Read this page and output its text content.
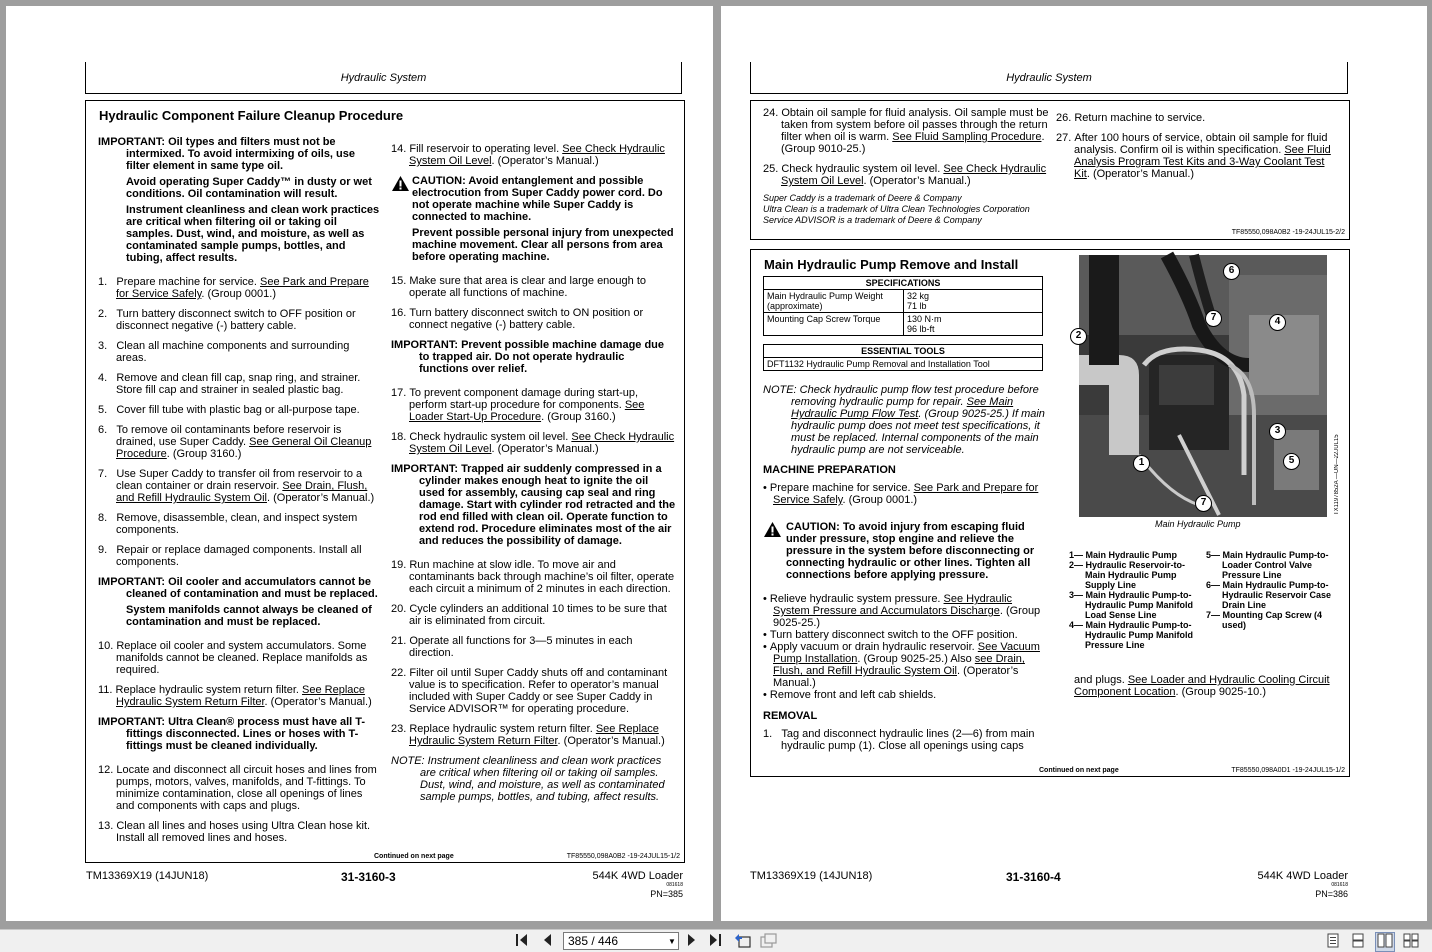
Hydraulic System
Hydraulic Component Failure Cleanup Procedure
IMPORTANT: Oil types and filters must not be intermixed. To avoid intermixing of oils, use filter element in same type oil.
Avoid operating Super Caddy™ in dusty or wet conditions. Oil contamination will result.
Instrument cleanliness and clean work practices are critical when filtering oil or taking oil samples. Dust, wind, and moisture, as well as contaminated sample pumps, bottles, and tubing, affect results.
1. Prepare machine for service. See Park and Prepare for Service Safely. (Group 0001.)
2. Turn battery disconnect switch to OFF position or disconnect negative (-) battery cable.
3. Clean all machine components and surrounding areas.
4. Remove and clean fill cap, snap ring, and strainer. Store fill cap and strainer in sealed plastic bag.
5. Cover fill tube with plastic bag or all-purpose tape.
6. To remove oil contaminants before reservoir is drained, use Super Caddy. See General Oil Cleanup Procedure. (Group 3160.)
7. Use Super Caddy to transfer oil from reservoir to a clean container or drain reservoir. See Drain, Flush, and Refill Hydraulic System Oil. (Operator’s Manual.)
8. Remove, disassemble, clean, and inspect system components.
9. Repair or replace damaged components. Install all components.
IMPORTANT: Oil cooler and accumulators cannot be cleaned of contamination and must be replaced.
System manifolds cannot always be cleaned of contamination and must be replaced.
10. Replace oil cooler and system accumulators. Some manifolds cannot be cleaned. Replace manifolds as required.
11. Replace hydraulic system return filter. See Replace Hydraulic System Return Filter. (Operator’s Manual.)
IMPORTANT: Ultra Clean® process must have all T-fittings disconnected. Lines or hoses with T-fittings must be cleaned individually.
12. Locate and disconnect all circuit hoses and lines from pumps, motors, valves, manifolds, and T-fittings. To minimize contamination, close all openings of lines and components with caps and plugs.
13. Clean all lines and hoses using Ultra Clean hose kit. Install all removed lines and hoses.
14. Fill reservoir to operating level. See Check Hydraulic System Oil Level. (Operator’s Manual.)
CAUTION: Avoid entanglement and possible electrocution from Super Caddy power cord. Do not operate machine while Super Caddy is connected to machine.
Prevent possible personal injury from unexpected machine movement. Clear all persons from area before operating machine.
15. Make sure that area is clear and large enough to operate all functions of machine.
16. Turn battery disconnect switch to ON position or connect negative (-) battery cable.
IMPORTANT: Prevent possible machine damage due to trapped air. Do not operate hydraulic functions over relief.
17. To prevent component damage during start-up, perform start-up procedure for components. See Loader Start-Up Procedure. (Group 3160.)
18. Check hydraulic system oil level. See Check Hydraulic System Oil Level. (Operator’s Manual.)
IMPORTANT: Trapped air suddenly compressed in a cylinder makes enough heat to ignite the oil used for assembly, causing cap seal and ring damage. Start with cylinder rod retracted and the rod end filled with clean oil. Operate function to extend rod. Procedure eliminates most of the air and reduces the possibility of damage.
19. Run machine at slow idle. To move air and contaminants back through machine’s oil filter, operate each circuit a minimum of 2 minutes in each direction.
20. Cycle cylinders an additional 10 times to be sure that air is eliminated from circuit.
21. Operate all functions for 3—5 minutes in each direction.
22. Filter oil until Super Caddy shuts off and contaminant value is to specification. Refer to operator’s manual included with Super Caddy or see Super Caddy in Service ADVISOR™ for operating procedure.
23. Replace hydraulic system return filter. See Replace Hydraulic System Return Filter. (Operator’s Manual.)
NOTE: Instrument cleanliness and clean work practices are critical when filtering oil or taking oil samples. Dust, wind, and moisture, as well as contaminated sample pumps, bottles, and tubing, affect results.
Continued on next page	TF85550,098A0B2 -19-24JUL15-1/2
TM13369X19 (14JUN18)	31-3160-3	544K 4WD Loader
081618
PN=385
Hydraulic System
24. Obtain oil sample for fluid analysis. Oil sample must be taken from system before oil passes through the return filter when oil is warm. See Fluid Sampling Procedure. (Group 9010-25.)
25. Check hydraulic system oil level. See Check Hydraulic System Oil Level. (Operator’s Manual.)
Super Caddy is a trademark of Deere & Company
Ultra Clean is a trademark of Ultra Clean Technologies Corporation
Service ADVISOR is a trademark of Deere & Company
26. Return machine to service.
27. After 100 hours of service, obtain oil sample for fluid analysis. Confirm oil is within specification. See Fluid Analysis Program Test Kits and 3-Way Coolant Test Kit. (Operator’s Manual.)
TF85550,098A0B2 -19-24JUL15-2/2
Main Hydraulic Pump Remove and Install
SPECIFICATIONS	
Main Hydraulic Pump Weight (approximate)	32 kg
71 lb

Mounting Cap Screw Torque	130 N·m
96 lb-ft
ESSENTIAL TOOLS
DFT1132 Hydraulic Pump Removal and Installation Tool
NOTE: Check hydraulic pump flow test procedure before removing hydraulic pump for repair. See Main Hydraulic Pump Flow Test. (Group 9025-25.) If main hydraulic pump does not meet test specifications, it must be replaced. Internal components of the main hydraulic pump are not serviceable.
MACHINE PREPARATION
• Prepare machine for service. See Park and Prepare for Service Safely. (Group 0001.)
CAUTION: To avoid injury from escaping fluid under pressure, stop engine and relieve the pressure in the system before disconnecting or connecting hydraulic or other lines. Tighten all connections before applying pressure.
• Relieve hydraulic system pressure. See Hydraulic System Pressure and Accumulators Discharge. (Group 9025-25.)
• Turn battery disconnect switch to the OFF position.
• Apply vacuum or drain hydraulic reservoir. See Vacuum Pump Installation. (Group 9025-25.) Also see Drain, Flush, and Refill Hydraulic System Oil. (Operator’s Manual.)
• Remove front and left cab shields.
REMOVAL
1. Tag and disconnect hydraulic lines (2—6) from main hydraulic pump (1). Close all openings using caps
6
7	4
2
3
5
1
7	TX1197852A —UN—22JUL15
Main Hydraulic Pump
1— Main Hydraulic Pump
2— Hydraulic Reservoir-to-Main Hydraulic Pump Supply Line
3— Main Hydraulic Pump-to-Hydraulic Pump Manifold Load Sense Line
4— Main Hydraulic Pump-to-Hydraulic Pump Manifold Pressure Line
5— Main Hydraulic Pump-to-Loader Control Valve Pressure Line
6— Main Hydraulic Pump-to-Hydraulic Reservoir Case Drain Line
7— Mounting Cap Screw (4 used)
and plugs. See Loader and Hydraulic Cooling Circuit Component Location. (Group 9025-10.)
Continued on next page	TF85550,098A0D1 -19-24JUL15-1/2
TM13369X19 (14JUN18)	31-3160-4	544K 4WD Loader
081618
PN=386
385 / 446
▼
